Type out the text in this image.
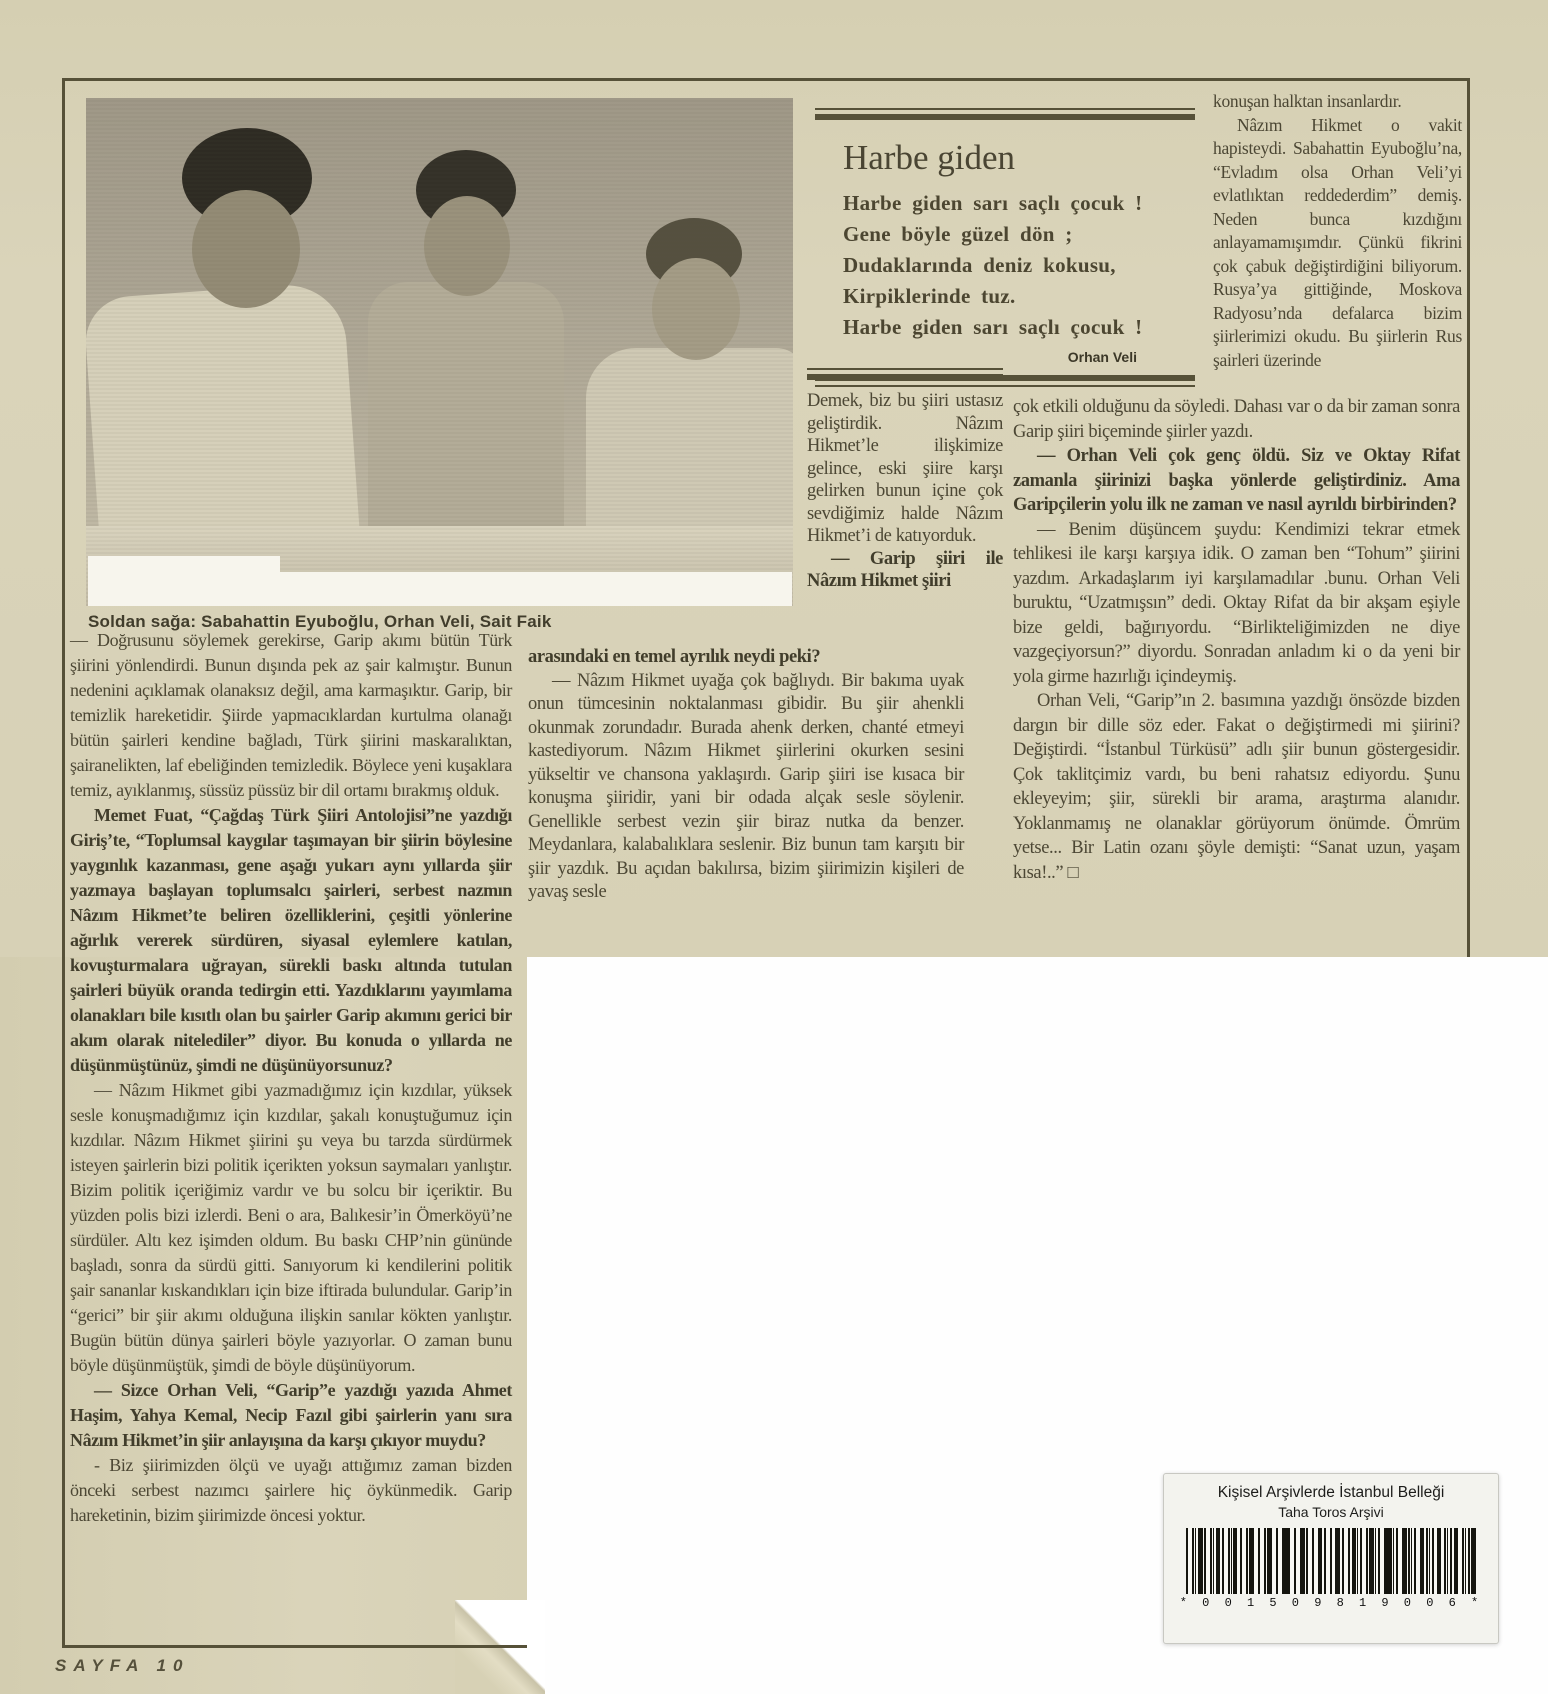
Soldan sağa: Sabahattin Eyuboğlu, Orhan Veli, Sait Faik
Harbe giden

Harbe giden sarı saçlı çocuk !

Gene böyle güzel dön ;

Dudaklarında deniz kokusu,

Kirpiklerinde tuz.

Harbe giden sarı saçlı çocuk !

Orhan Veli

konuşan halktan insanlardır.

Nâzım Hikmet o vakit hapisteydi. Sabahattin Eyuboğlu’na, “Evladım olsa Orhan Veli’yi evlatlıktan reddederdim” demiş. Neden bunca kızdığını anlayamamışımdır. Çünkü fikrini çok çabuk değiştirdiğini biliyorum. Rusya’ya gittiğinde, Moskova Radyosu’nda defalarca bizim şiirlerimizi okudu. Bu şiirlerin Rus şairleri üzerinde

çok etkili olduğunu da söyledi. Dahası var o da bir zaman sonra Garip şiiri biçeminde şiirler yazdı.

— Orhan Veli çok genç öldü. Siz ve Oktay Rifat zamanla şiirinizi başka yönlerde geliştirdiniz. Ama Garipçilerin yolu ilk ne zaman ve nasıl ayrıldı birbirinden?

— Benim düşüncem şuydu: Kendimizi tekrar etmek tehlikesi ile karşı karşıya idik. O zaman ben “Tohum” şiirini yazdım. Arkadaşlarım iyi karşılamadılar .bunu. Orhan Veli buruktu, “Uzatmışsın” dedi. Oktay Rifat da bir akşam eşiyle bize geldi, bağırıyordu. “Birlikteliğimizden ne diye vazgeçiyorsun?” diyordu. Sonradan anladım ki o da yeni bir yola girme hazırlığı içindeymiş.

Orhan Veli, “Garip”ın 2. basımına yazdığı önsözde bizden dargın bir dille söz eder. Fakat o değiştirmedi mi şiirini? Değiştirdi. “İstanbul Türküsü” adlı şiir bunun göstergesidir. Çok taklitçimiz vardı, bu beni rahatsız ediyordu. Şunu ekleyeyim; şiir, sürekli bir arama, araştırma alanıdır. Yoklanmamış ne olanaklar görüyorum önümde. Ömrüm yetse... Bir Latin ozanı şöyle demişti: “Sanat uzun, yaşam kısa!..” □

Demek, biz bu şiiri ustasız geliştirdik. Nâzım Hikmet’le ilişkimize gelince, eski şiire karşı gelirken bunun içine çok sevdiğimiz halde Nâzım Hikmet’i de katıyorduk.

— Garip şiiri ile Nâzım Hikmet şiiri

arasındaki en temel ayrılık neydi peki?

— Nâzım Hikmet uyağa çok bağlıydı. Bir bakıma uyak onun tümcesinin noktalanması gibidir. Bu şiir ahenkli okunmak zorundadır. Burada ahenk derken, chanté etmeyi kastediyorum. Nâzım Hikmet şiirlerini okurken sesini yükseltir ve chansona yaklaşırdı. Garip şiiri ise kısaca bir konuşma şiiridir, yani bir odada alçak sesle söylenir. Genellikle serbest vezin şiir biraz nutka da benzer. Meydanlara, kalabalıklara seslenir. Biz bunun tam karşıtı bir şiir yazdık. Bu açıdan bakılırsa, bizim şiirimizin kişileri de yavaş sesle

— Doğrusunu söylemek gerekirse, Garip akımı bütün Türk şiirini yönlendirdi. Bunun dışında pek az şair kalmıştır. Bunun nedenini açıklamak olanaksız değil, ama karmaşıktır. Garip, bir temizlik hareketidir. Şiirde yapmacıklardan kurtulma olanağı bütün şairleri kendine bağladı, Türk şiirini maskaralıktan, şairanelikten, laf ebeliğinden temizledik. Böylece yeni kuşaklara temiz, ayıklanmış, süssüz püssüz bir dil ortamı bırakmış olduk.

Memet Fuat, “Çağdaş Türk Şiiri Antolojisi”ne yazdığı Giriş’te, “Toplumsal kaygılar taşımayan bir şiirin böylesine yaygınlık kazanması, gene aşağı yukarı aynı yıllarda şiir yazmaya başlayan toplumsalcı şairleri, serbest nazmın Nâzım Hikmet’te beliren özelliklerini, çeşitli yönlerine ağırlık vererek sürdüren, siyasal eylemlere katılan, kovuşturmalara uğrayan, sürekli baskı altında tutulan şairleri büyük oranda tedirgin etti. Yazdıklarını yayımlama olanakları bile kısıtlı olan bu şairler Garip akımını gerici bir akım olarak nitelediler” diyor. Bu konuda o yıllarda ne düşünmüştünüz, şimdi ne düşünüyorsunuz?

— Nâzım Hikmet gibi yazmadığımız için kızdılar, yüksek sesle konuşmadığımız için kızdılar, şakalı konuştuğumuz için kızdılar. Nâzım Hikmet şiirini şu veya bu tarzda sürdürmek isteyen şairlerin bizi politik içerikten yoksun saymaları yanlıştır. Bizim politik içeriğimiz vardır ve bu solcu bir içeriktir. Bu yüzden polis bizi izlerdi. Beni o ara, Balıkesir’in Ömerköyü’ne sürdüler. Altı kez işimden oldum. Bu baskı CHP’nin gününde başladı, sonra da sürdü gitti. Sanıyorum ki kendilerini politik şair sananlar kıskandıkları için bize iftirada bulundular. Garip’in “gerici” bir şiir akımı olduğuna ilişkin sanılar kökten yanlıştır. Bugün bütün dünya şairleri böyle yazıyorlar. O zaman bunu böyle düşünmüştük, şimdi de böyle düşünüyorum.

— Sizce Orhan Veli, “Garip”e yazdığı yazıda Ahmet Haşim, Yahya Kemal, Necip Fazıl gibi şairlerin yanı sıra Nâzım Hikmet’in şiir anlayışına da karşı çıkıyor muydu?

- Biz şiirimizden ölçü ve uyağı attığımız zaman bizden önceki serbest nazımcı şairlere hiç öykünmedik. Garip hareketinin, bizim şiirimizde öncesi yoktur.

SAYFA 10
Kişisel Arşivlerde İstanbul Belleği
Taha Toros Arşivi
* 0 0 1 5 0 9 8 1 9 0 0 6 *
